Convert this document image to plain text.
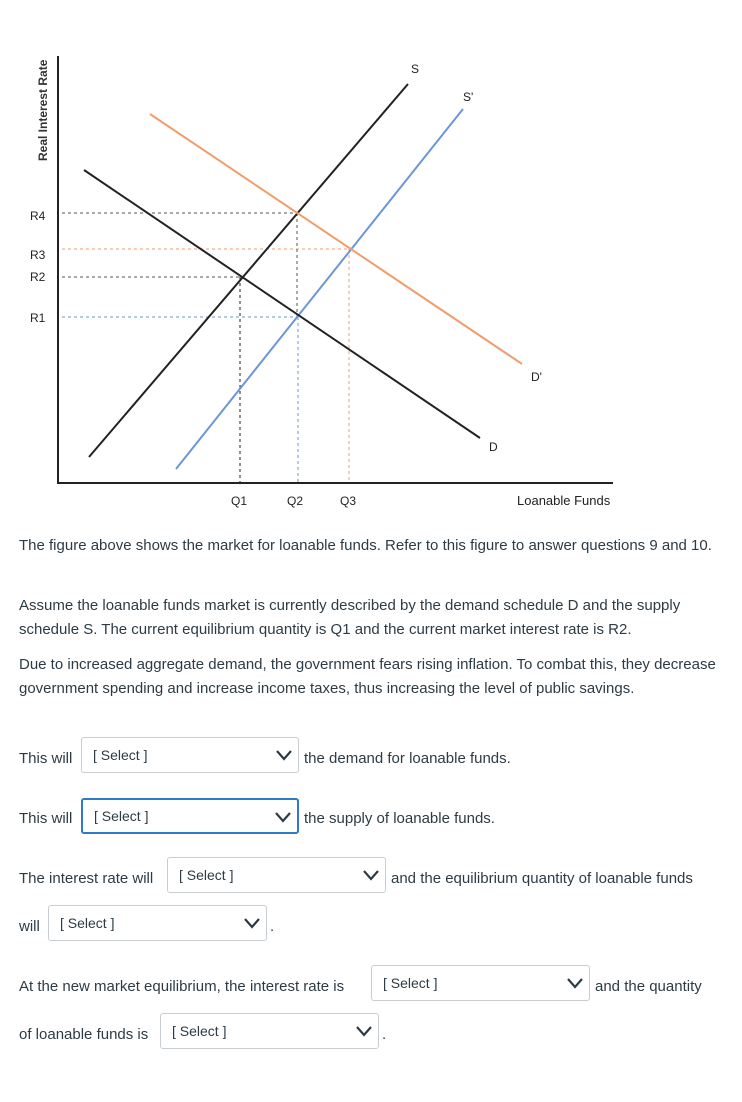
S
S'
D
D'
R4
R3
R2
R1
Q1	Q2	Q3	Loanable Funds
Real Interest Rate

The figure above shows the market for loanable funds. Refer to this figure to answer questions 9 and 10.

Assume the loanable funds market is currently described by the demand schedule D and the supply schedule S. The current equilibrium quantity is Q1 and the current market interest rate is R2.

Due to increased aggregate demand, the government fears rising inflation. To combat this, they decrease government spending and increase income taxes, thus increasing the level of public savings.

This will [ Select ]	the demand for loanable funds.
This will [ Select ]	the supply of loanable funds.
The interest rate will [ Select ]	and the equilibrium quantity of loanable funds
will [ Select ]	.
At the new market equilibrium, the interest rate is	[ Select ]	and the quantity
of loanable funds is [ Select ]	.
